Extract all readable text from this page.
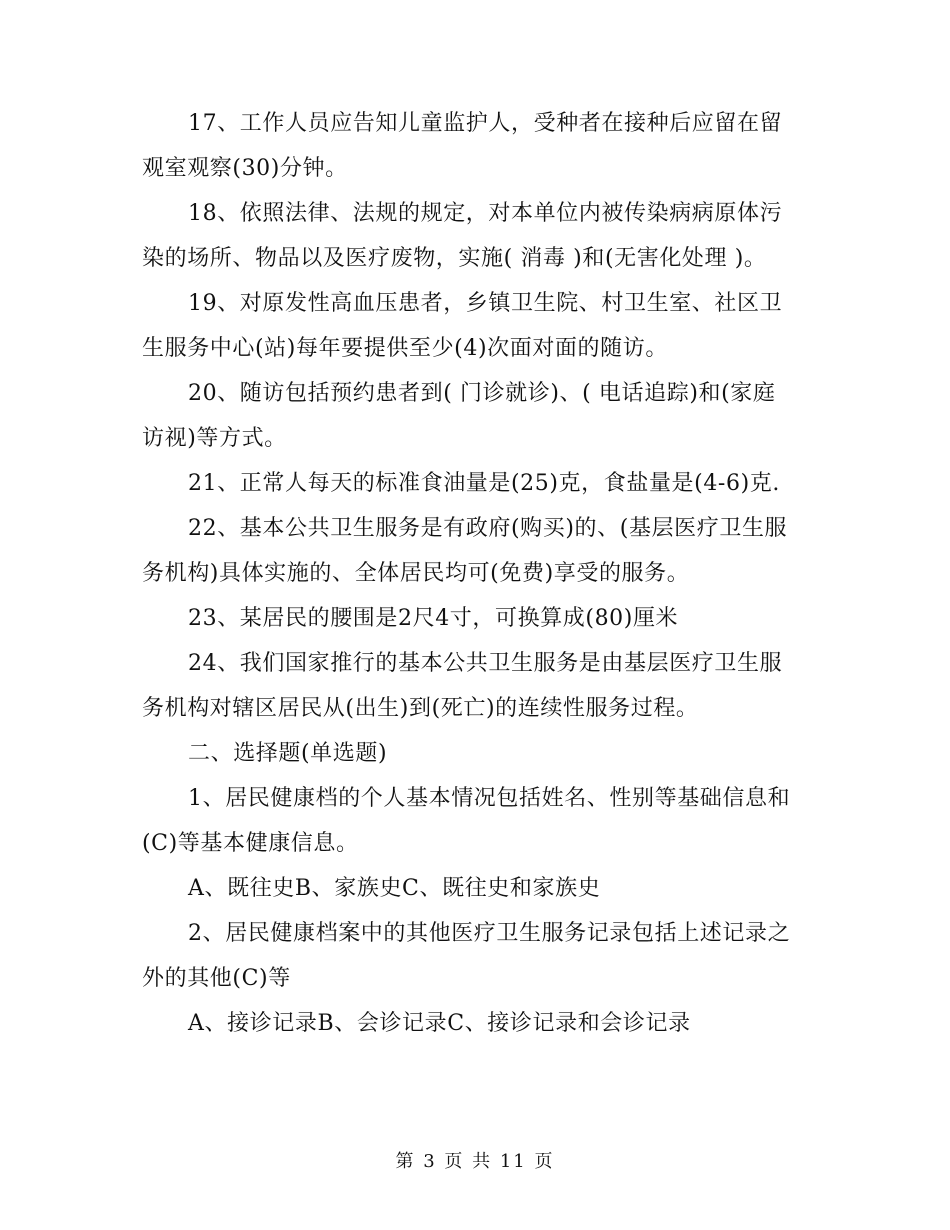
17、工作人员应告知儿童监护人，受种者在接种后应留在留
观室观察(30)分钟。
18、依照法律、法规的规定，对本单位内被传染病病原体污
染的场所、物品以及医疗废物，实施( 消毒 )和(无害化处理 )。
19、对原发性高血压患者，乡镇卫生院、村卫生室、社区卫
生服务中心(站)每年要提供至少(4)次面对面的随访。
20、随访包括预约患者到( 门诊就诊)、( 电话追踪)和(家庭
访视)等方式。
21、正常人每天的标准食油量是(25)克，食盐量是(4-6)克.
22、基本公共卫生服务是有政府(购买)的、(基层医疗卫生服
务机构)具体实施的、全体居民均可(免费)享受的服务。
23、某居民的腰围是2尺4寸，可换算成(80)厘米
24、我们国家推行的基本公共卫生服务是由基层医疗卫生服
务机构对辖区居民从(出生)到(死亡)的连续性服务过程。
二、选择题(单选题)
1、居民健康档的个人基本情况包括姓名、性别等基础信息和
(C)等基本健康信息。
A、既往史B、家族史C、既往史和家族史
2、居民健康档案中的其他医疗卫生服务记录包括上述记录之
外的其他(C)等
A、接诊记录B、会诊记录C、接诊记录和会诊记录
第 3 页 共 11 页
